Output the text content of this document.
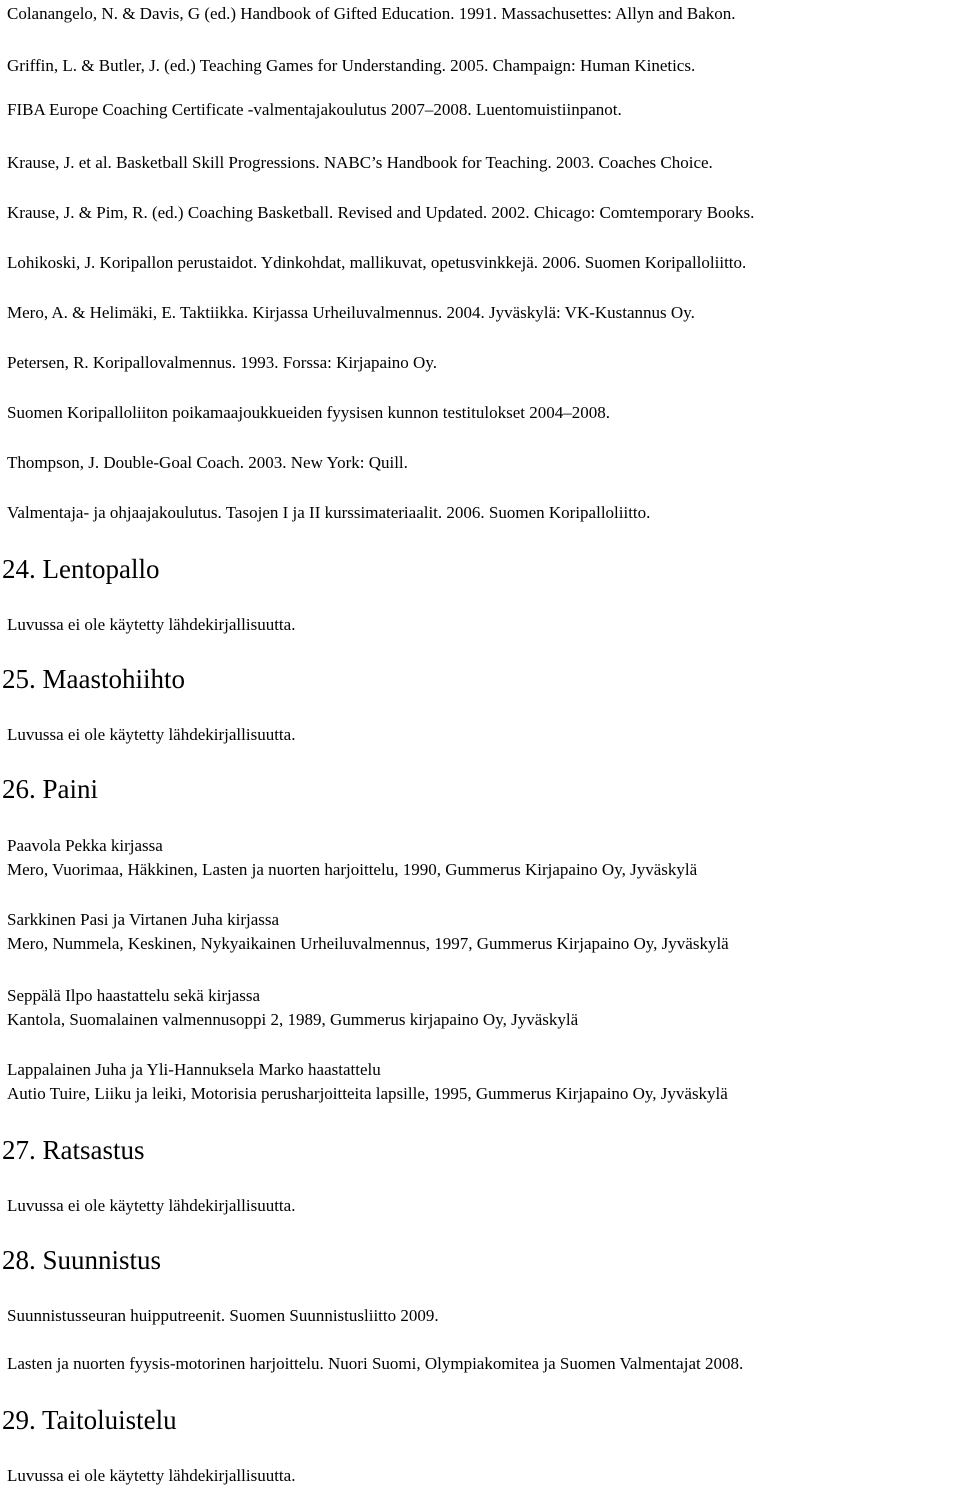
Colanangelo, N. & Davis, G (ed.) Handbook of Gifted Education. 1991. Massachusettes: Allyn and Bakon.
Griffin, L. & Butler, J. (ed.) Teaching Games for Understanding. 2005. Champaign: Human Kinetics.
FIBA Europe Coaching Certificate -valmentajakoulutus 2007–2008. Luentomuistiinpanot.
Krause, J. et al. Basketball Skill Progressions. NABC’s Handbook for Teaching. 2003. Coaches Choice.
Krause, J. & Pim, R. (ed.) Coaching Basketball. Revised and Updated. 2002. Chicago: Comtemporary Books.
Lohikoski, J. Koripallon perustaidot. Ydinkohdat, mallikuvat, opetusvinkkejä. 2006. Suomen Koripalloliitto.
Mero, A. & Helimäki, E. Taktiikka. Kirjassa Urheiluvalmennus. 2004. Jyväskylä: VK-Kustannus Oy.
Petersen, R. Koripallovalmennus. 1993. Forssa: Kirjapaino Oy.
Suomen Koripalloliiton poikamaajoukkueiden fyysisen kunnon testitulokset 2004–2008.
Thompson, J. Double-Goal Coach. 2003. New York: Quill.
Valmentaja- ja ohjaajakoulutus. Tasojen I ja II kurssimateriaalit. 2006. Suomen Koripalloliitto.
24. Lentopallo
Luvussa ei ole käytetty lähdekirjallisuutta.
25. Maastohiihto
Luvussa ei ole käytetty lähdekirjallisuutta.
26. Paini
Paavola Pekka kirjassa
Mero, Vuorimaa, Häkkinen, Lasten ja nuorten harjoittelu, 1990, Gummerus Kirjapaino Oy, Jyväskylä
Sarkkinen Pasi ja Virtanen Juha kirjassa
Mero, Nummela, Keskinen, Nykyaikainen Urheiluvalmennus, 1997, Gummerus Kirjapaino Oy, Jyväskylä
Seppälä Ilpo haastattelu sekä kirjassa
Kantola, Suomalainen valmennusoppi 2, 1989, Gummerus kirjapaino Oy, Jyväskylä
Lappalainen Juha ja Yli-Hannuksela Marko haastattelu
Autio Tuire, Liiku ja leiki, Motorisia perusharjoitteita lapsille, 1995, Gummerus Kirjapaino Oy, Jyväskylä
27. Ratsastus
Luvussa ei ole käytetty lähdekirjallisuutta.
28. Suunnistus
Suunnistusseuran huipputreenit. Suomen Suunnistusliitto 2009.
Lasten ja nuorten fyysis-motorinen harjoittelu. Nuori Suomi, Olympiakomitea ja Suomen Valmentajat 2008.
29. Taitoluistelu
Luvussa ei ole käytetty lähdekirjallisuutta.
